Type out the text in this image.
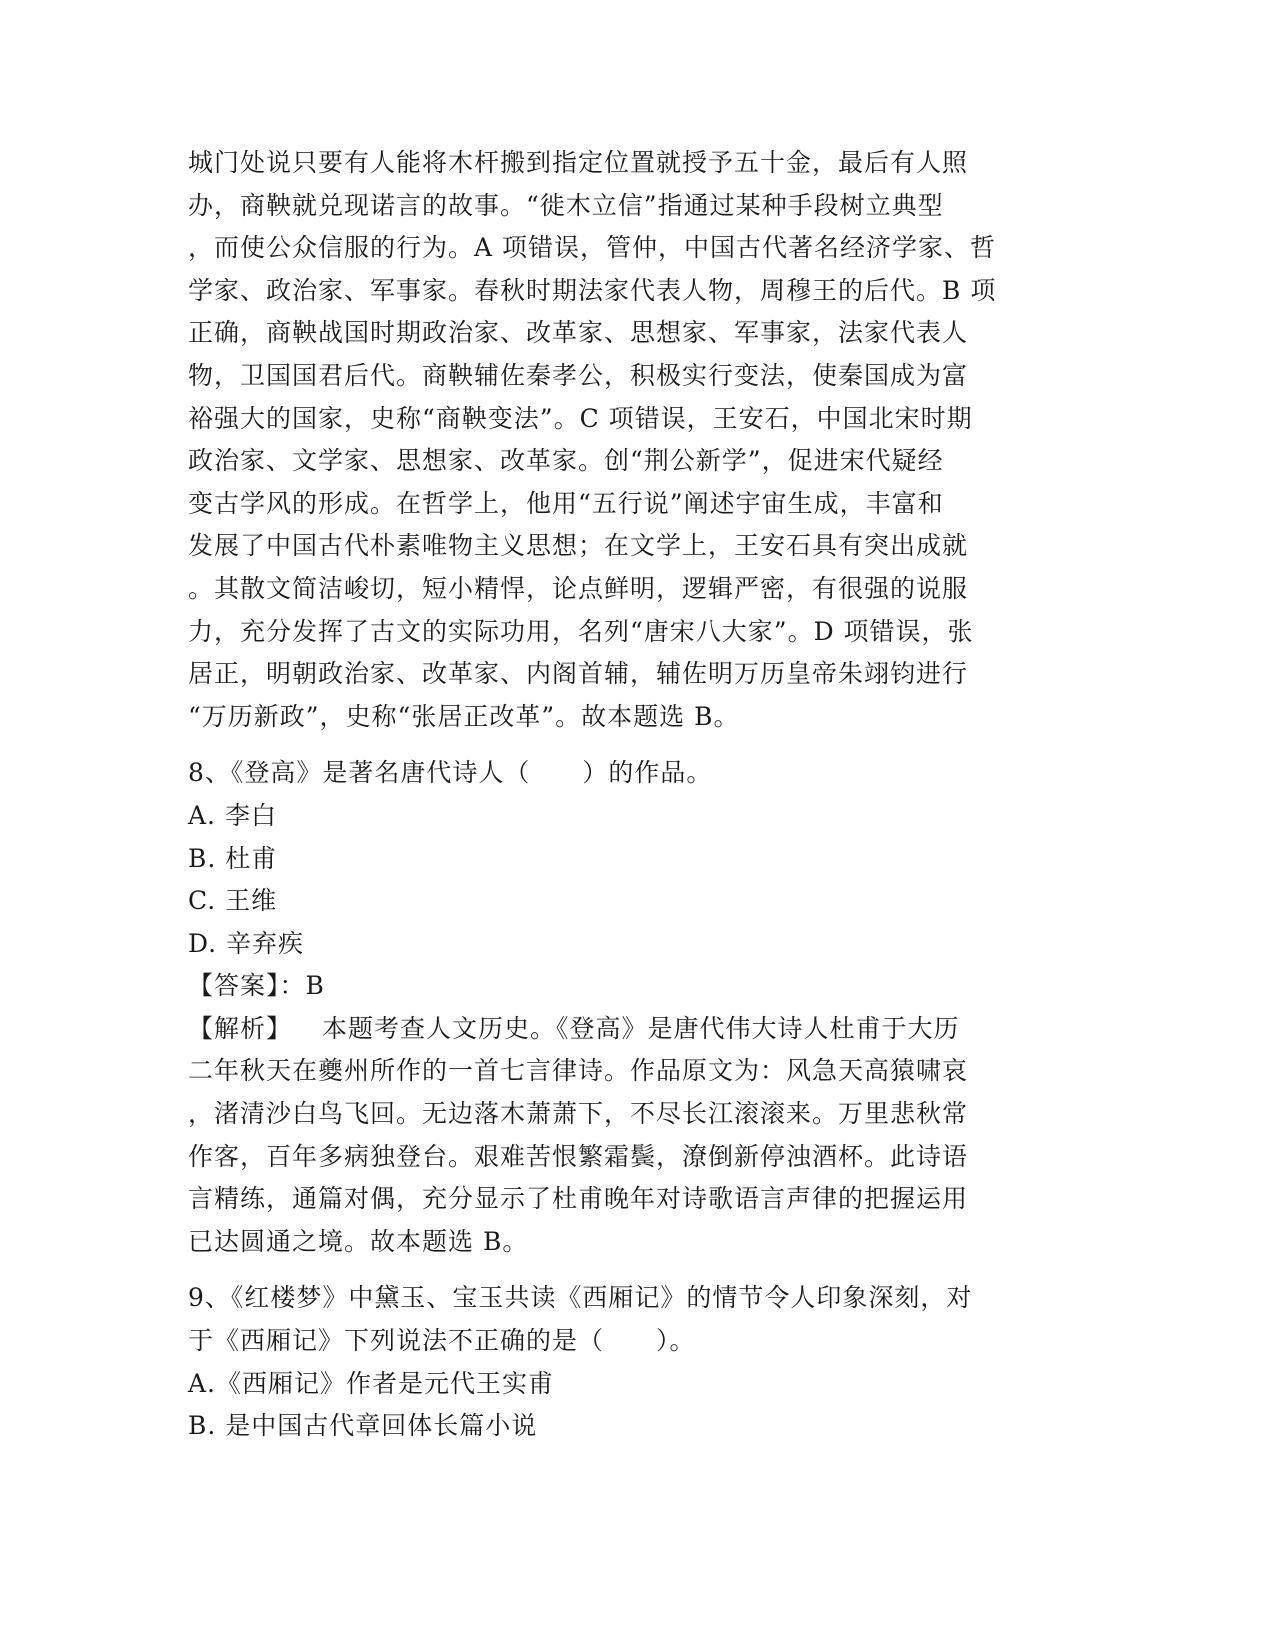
城门处说只要有人能将木杆搬到指定位置就授予五十金，最后有人照
办，商鞅就兑现诺言的故事。“徙木立信”指通过某种手段树立典型
，而使公众信服的行为。A 项错误，管仲，中国古代著名经济学家、哲
学家、政治家、军事家。春秋时期法家代表人物，周穆王的后代。B 项
正确，商鞅战国时期政治家、改革家、思想家、军事家，法家代表人
物，卫国国君后代。商鞅辅佐秦孝公，积极实行变法，使秦国成为富
裕强大的国家，史称“商鞅变法”。C 项错误，王安石，中国北宋时期
政治家、文学家、思想家、改革家。创“荆公新学”，促进宋代疑经
变古学风的形成。在哲学上，他用“五行说”阐述宇宙生成，丰富和
发展了中国古代朴素唯物主义思想；在文学上，王安石具有突出成就
。其散文简洁峻切，短小精悍，论点鲜明，逻辑严密，有很强的说服
力，充分发挥了古文的实际功用，名列“唐宋八大家”。D 项错误，张
居正，明朝政治家、改革家、内阁首辅，辅佐明万历皇帝朱翊钧进行
“万历新政”，史称“张居正改革”。故本题选 B。
8、《登高》是著名唐代诗人（　　）的作品。
A. 李白
B. 杜甫
C. 王维
D. 辛弃疾
【答案】：B
【解析】 本题考查人文历史。《登高》是唐代伟大诗人杜甫于大历
二年秋天在夔州所作的一首七言律诗。作品原文为：风急天高猿啸哀
，渚清沙白鸟飞回。无边落木萧萧下，不尽长江滚滚来。万里悲秋常
作客，百年多病独登台。艰难苦恨繁霜鬓，潦倒新停浊酒杯。此诗语
言精练，通篇对偶，充分显示了杜甫晚年对诗歌语言声律的把握运用
已达圆通之境。故本题选 B。
9、《红楼梦》中黛玉、宝玉共读《西厢记》的情节令人印象深刻，对
于《西厢记》下列说法不正确的是（　　）。
A.《西厢记》作者是元代王实甫
B. 是中国古代章回体长篇小说
